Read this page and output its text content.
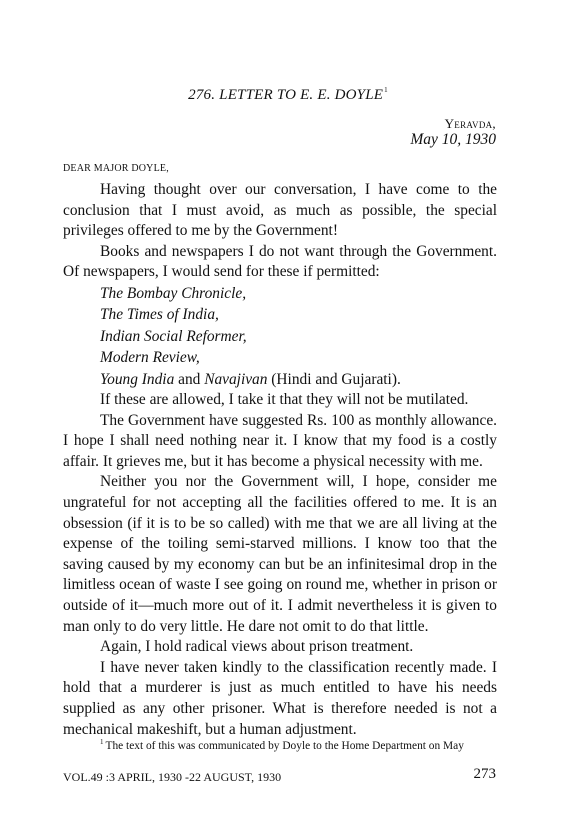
276. LETTER TO E. E. DOYLE$^1$
Yeravda,
May 10, 1930
DEAR MAJOR DOYLE,

Having thought over our conversation, I have come to the conclusion that I must avoid, as much as possible, the special privileges offered to me by the Government!

Books and newspapers I do not want through the Government. Of newspapers, I would send for these if permitted:

The Bombay Chronicle,

The Times of India,

Indian Social Reformer,

Modern Review,

Young India and Navajivan (Hindi and Gujarati).

If these are allowed, I take it that they will not be mutilated.

The Government have suggested Rs. 100 as monthly allowance. I hope I shall need nothing near it. I know that my food is a costly affair. It grieves me, but it has become a physical necessity with me.

Neither you nor the Government will, I hope, consider me ungrateful for not accepting all the facilities offered to me. It is an obsession (if it is to be so called) with me that we are all living at the expense of the toiling semi-starved millions. I know too that the saving caused by my economy can but be an infinitesimal drop in the limitless ocean of waste I see going on round me, whether in prison or outside of it—much more out of it. I admit nevertheless it is given to man only to do very little. He dare not omit to do that little.

Again, I hold radical views about prison treatment.

I have never taken kindly to the classification recently made. I hold that a murderer is just as much entitled to have his needs supplied as any other prisoner. What is therefore needed is not a mechanical makeshift, but a human adjustment.

$^1$ The text of this was communicated by Doyle to the Home Department on May
VOL.49 :3 APRIL, 1930 -22 AUGUST, 1930	273
